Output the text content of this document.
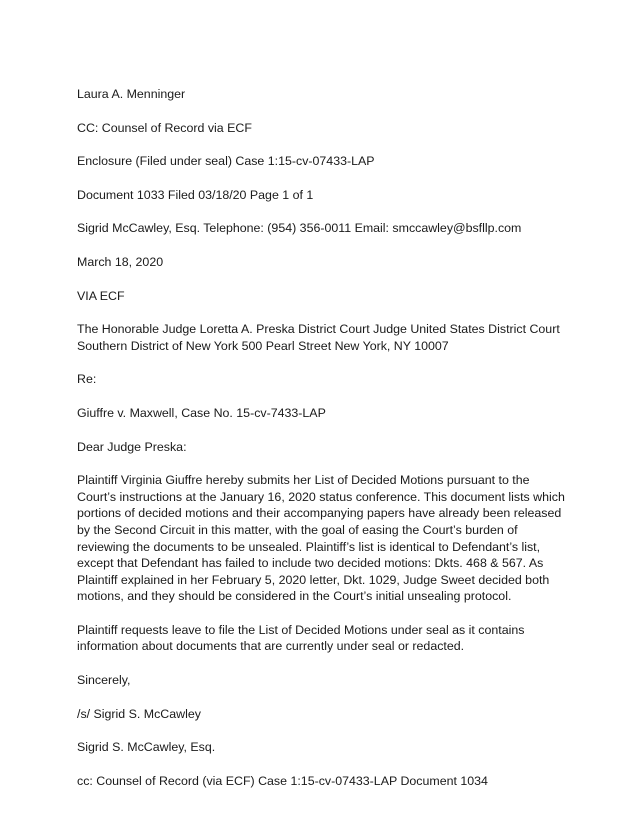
Laura A. Menninger

CC: Counsel of Record via ECF

Enclosure (Filed under seal) Case 1:15-cv-07433-LAP

Document 1033 Filed 03/18/20 Page 1 of 1

Sigrid McCawley, Esq. Telephone: (954) 356-0011 Email: smccawley@bsfllp.com

March 18, 2020

VIA ECF

The Honorable Judge Loretta A. Preska District Court Judge United States District Court Southern District of New York 500 Pearl Street New York, NY 10007

Re:

Giuffre v. Maxwell, Case No. 15-cv-7433-LAP

Dear Judge Preska:

Plaintiff Virginia Giuffre hereby submits her List of Decided Motions pursuant to the Court’s instructions at the January 16, 2020 status conference. This document lists which portions of decided motions and their accompanying papers have already been released by the Second Circuit in this matter, with the goal of easing the Court’s burden of reviewing the documents to be unsealed. Plaintiff’s list is identical to Defendant’s list, except that Defendant has failed to include two decided motions: Dkts. 468 & 567. As Plaintiff explained in her February 5, 2020 letter, Dkt. 1029, Judge Sweet decided both motions, and they should be considered in the Court’s initial unsealing protocol.

Plaintiff requests leave to file the List of Decided Motions under seal as it contains information about documents that are currently under seal or redacted.

Sincerely,

/s/ Sigrid S. McCawley

Sigrid S. McCawley, Esq.

cc: Counsel of Record (via ECF) Case 1:15-cv-07433-LAP Document 1034
